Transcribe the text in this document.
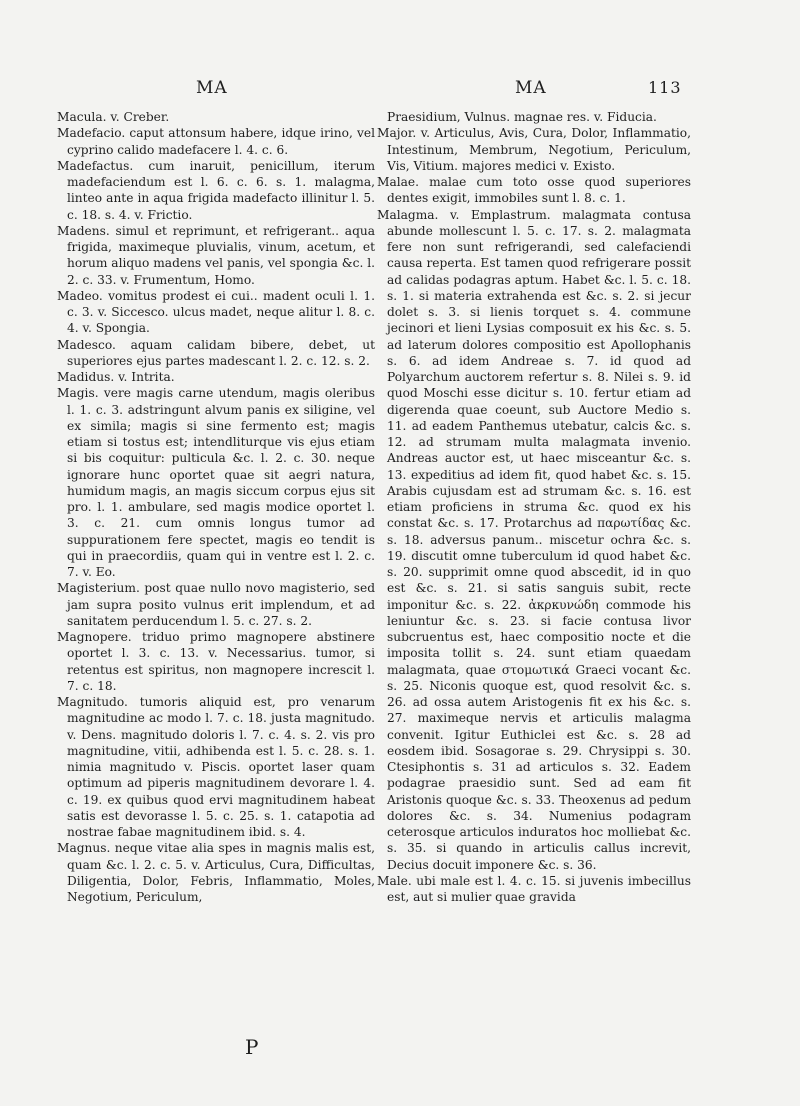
MA	MA	113
Macula. v. Creber.
Madefacio. caput attonsum habere, idque irino, vel cyprino calido madefacere l. 4. c. 6.
Madefactus. cum inaruit, penicillum, iterum madefaciendum est l. 6. c. 6. s. 1. malagma, linteo ante in aqua frigida madefacto illinitur l. 5. c. 18. s. 4. v. Frictio.
Madens. simul et reprimunt, et refrigerant.. aqua frigida, maximeque pluvialis, vinum, acetum, et horum aliquo madens vel panis, vel spongia &c. l. 2. c. 33. v. Frumentum, Homo.
Madeo. vomitus prodest ei cui.. madent oculi l. 1. c. 3. v. Siccesco. ulcus madet, neque alitur l. 8. c. 4. v. Spongia.
Madesco. aquam calidam bibere, debet, ut superiores ejus partes madescant l. 2. c. 12. s. 2.
Madidus. v. Intrita.
Magis. vere magis carne utendum, magis oleribus l. 1. c. 3. adstringunt alvum panis ex siligine, vel ex simila; magis si sine fermento est; magis etiam si tostus est; intendliturque vis ejus etiam si bis coquitur: pulticula &c. l. 2. c. 30. neque ignorare hunc oportet quae sit aegri natura, humidum magis, an magis siccum corpus ejus sit pro. l. 1. ambulare, sed magis modice oportet l. 3. c. 21. cum omnis longus tumor ad suppurationem fere spectet, magis eo tendit is qui in praecordiis, quam qui in ventre est l. 2. c. 7. v. Eo.
Magisterium. post quae nullo novo magisterio, sed jam supra posito vulnus erit implendum, et ad sanitatem perducendum l. 5. c. 27. s. 2.
Magnopere. triduo primo magnopere abstinere oportet l. 3. c. 13. v. Necessarius. tumor, si retentus est spiritus, non magnopere increscit l. 7. c. 18.
Magnitudo. tumoris aliquid est, pro venarum magnitudine ac modo l. 7. c. 18. justa magnitudo. v. Dens. magnitudo doloris l. 7. c. 4. s. 2. vis pro magnitudine, vitii, adhibenda est l. 5. c. 28. s. 1. nimia magnitudo v. Piscis. oportet laser quam optimum ad piperis magnitudinem devorare l. 4. c. 19. ex quibus quod ervi magnitudinem habeat satis est devorasse l. 5. c. 25. s. 1. catapotia ad nostrae fabae magnitudinem ibid. s. 4.
Magnus. neque vitae alia spes in magnis malis est, quam &c. l. 2. c. 5. v. Articulus, Cura, Difficultas, Diligentia, Dolor, Febris, Inflammatio, Moles, Negotium, Periculum,
Praesidium, Vulnus. magnae res. v. Fiducia.
Major. v. Articulus, Avis, Cura, Dolor, Inflammatio, Intestinum, Membrum, Negotium, Periculum, Vis, Vitium. majores medici v. Existo.
Malae. malae cum toto osse quod superiores dentes exigit, immobiles sunt l. 8. c. 1.
Malagma. v. Emplastrum. malagmata contusa abunde mollescunt l. 5. c. 17. s. 2. malagmata fere non sunt refrigerandi, sed calefaciendi causa reperta. Est tamen quod refrigerare possit ad calidas podagras aptum. Habet &c. l. 5. c. 18. s. 1. si materia extrahenda est &c. s. 2. si jecur dolet s. 3. si lienis torquet s. 4. commune jecinori et lieni Lysias composuit ex his &c. s. 5. ad laterum dolores compositio est Apollophanis s. 6. ad idem Andreae s. 7. id quod ad Polyarchum auctorem refertur s. 8. Nilei s. 9. id quod Moschi esse dicitur s. 10. fertur etiam ad digerenda quae coeunt, sub Auctore Medio s. 11. ad eadem Panthemus utebatur, calcis &c. s. 12. ad strumam multa malagmata invenio. Andreas auctor est, ut haec misceantur &c. s. 13. expeditius ad idem fit, quod habet &c. s. 15. Arabis cujusdam est ad strumam &c. s. 16. est etiam proficiens in struma &c. quod ex his constat &c. s. 17. Protarchus ad παρωτίδας &c. s. 18. adversus panum.. miscetur ochra &c. s. 19. discutit omne tuberculum id quod habet &c. s. 20. supprimit omne quod abscedit, id in quo est &c. s. 21. si satis sanguis subit, recte imponitur &c. s. 22. ἀκρκυνώδη commode his leniuntur &c. s. 23. si facie contusa livor subcruentus est, haec compositio nocte et die imposita tollit s. 24. sunt etiam quaedam malagmata, quae στομωτικά Graeci vocant &c. s. 25. Niconis quoque est, quod resolvit &c. s. 26. ad ossa autem Aristogenis fit ex his &c. s. 27. maximeque nervis et articulis malagma convenit. Igitur Euthiclei est &c. s. 28 ad eosdem ibid. Sosagorae s. 29. Chrysippi s. 30. Ctesiphontis s. 31 ad articulos s. 32. Eadem podagrae praesidio sunt. Sed ad eam fit Aristonis quoque &c. s. 33. Theoxenus ad pedum dolores &c. s. 34. Numenius podagram ceterosque articulos induratos hoc molliebat &c. s. 35. si quando in articulis callus increvit, Decius docuit imponere &c. s. 36.
Male. ubi male est l. 4. c. 15. si juvenis imbecillus est, aut si mulier quae gravida
P
